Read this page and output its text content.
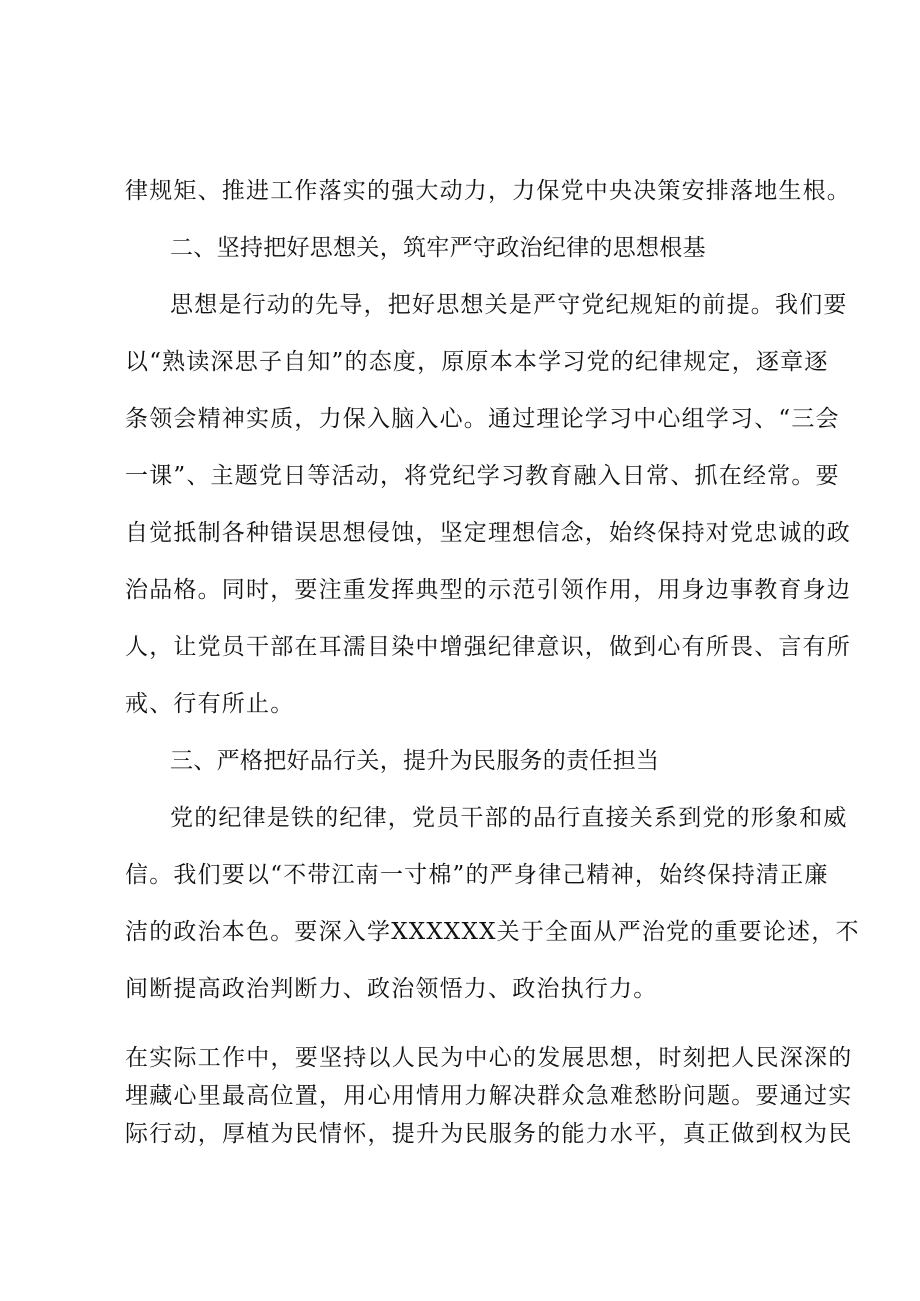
律规矩、推进工作落实的强大动力，力保党中央决策安排落地生根。
二、坚持把好思想关，筑牢严守政治纪律的思想根基
思想是行动的先导，把好思想关是严守党纪规矩的前提。我们要
以“熟读深思子自知”的态度，原原本本学习党的纪律规定，逐章逐
条领会精神实质，力保入脑入心。通过理论学习中心组学习、“三会
一课”、主题党日等活动，将党纪学习教育融入日常、抓在经常。要
自觉抵制各种错误思想侵蚀，坚定理想信念，始终保持对党忠诚的政
治品格。同时，要注重发挥典型的示范引领作用，用身边事教育身边
人，让党员干部在耳濡目染中增强纪律意识，做到心有所畏、言有所
戒、行有所止。
三、严格把好品行关，提升为民服务的责任担当
党的纪律是铁的纪律，党员干部的品行直接关系到党的形象和威
信。我们要以“不带江南一寸棉”的严身律己精神，始终保持清正廉
洁的政治本色。要深入学XXXXXX关于全面从严治党的重要论述，不
间断提高政治判断力、政治领悟力、政治执行力。
在实际工作中，要坚持以人民为中心的发展思想，时刻把人民深深的
埋藏心里最高位置，用心用情用力解决群众急难愁盼问题。要通过实
际行动，厚植为民情怀，提升为民服务的能力水平，真正做到权为民
